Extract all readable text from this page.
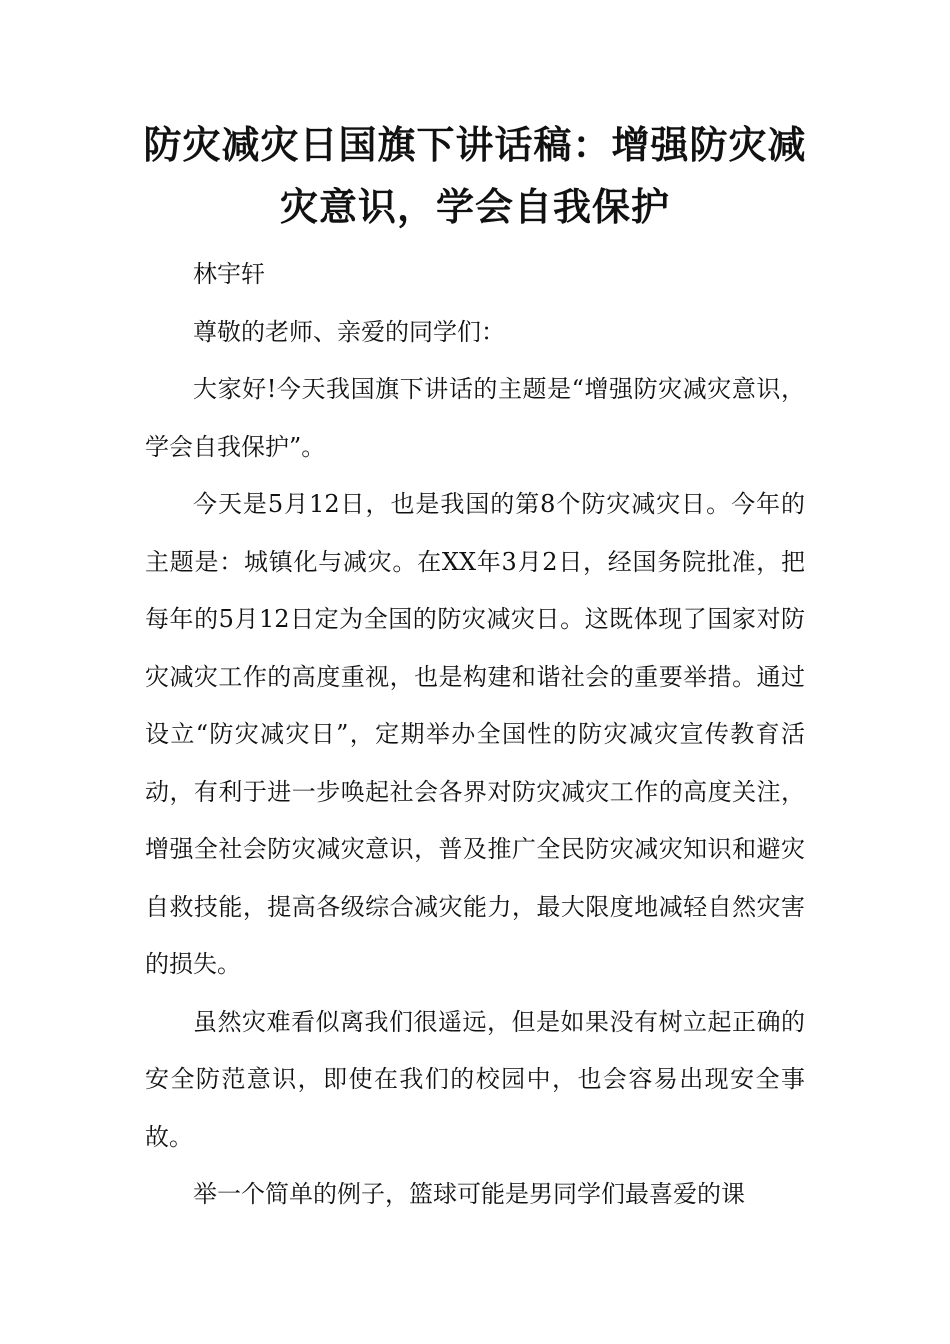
防灾减灾日国旗下讲话稿：增强防灾减
灾意识，学会自我保护

林宇轩

尊敬的老师、亲爱的同学们：

大家好!今天我国旗下讲话的主题是“增强防灾减灾意识，学会自我保护”。

今天是5月12日，也是我国的第8个防灾减灾日。今年的主题是：城镇化与减灾。在XX年3月2日，经国务院批准，把每年的5月12日定为全国的防灾减灾日。这既体现了国家对防灾减灾工作的高度重视，也是构建和谐社会的重要举措。通过设立“防灾减灾日”，定期举办全国性的防灾减灾宣传教育活动，有利于进一步唤起社会各界对防灾减灾工作的高度关注，增强全社会防灾减灾意识，普及推广全民防灾减灾知识和避灾自救技能，提高各级综合减灾能力，最大限度地减轻自然灾害的损失。

虽然灾难看似离我们很遥远，但是如果没有树立起正确的安全防范意识，即使在我们的校园中，也会容易出现安全事故。

举一个简单的例子，篮球可能是男同学们最喜爱的课
